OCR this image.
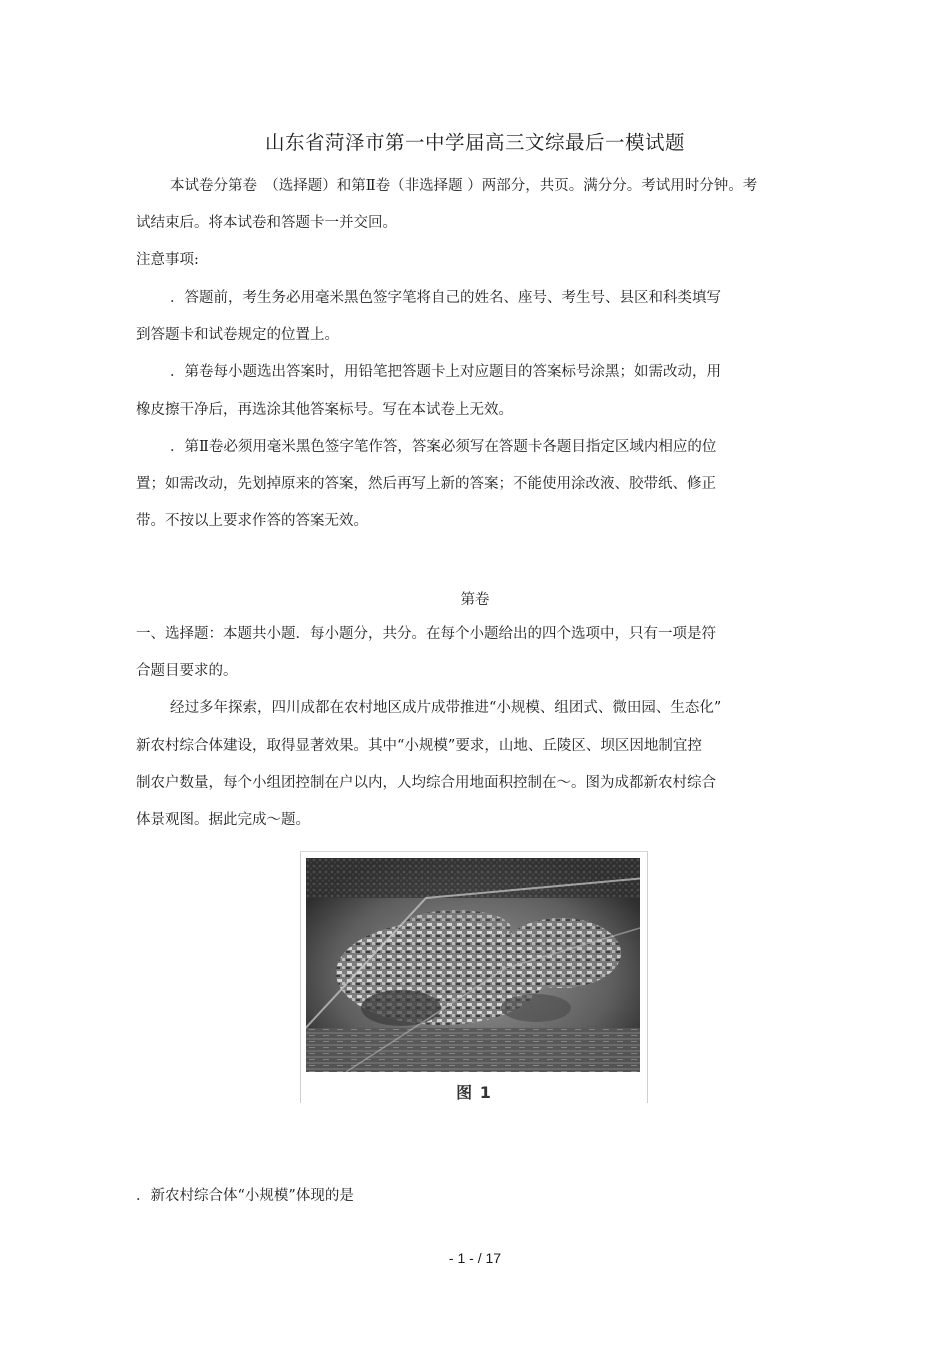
山东省菏泽市第一中学届高三文综最后一模试题
本试卷分第卷　（选择题）和第Ⅱ卷（非选择题 ）两部分，共页。满分分。考试用时分钟。考
试结束后。将本试卷和答题卡一并交回。
注意事项:
．答题前，考生务必用毫米黑色签字笔将自己的姓名、座号、考生号、县区和科类填写
到答题卡和试卷规定的位置上。
．第卷每小题选出答案时，用铅笔把答题卡上对应题目的答案标号涂黑；如需改动，用
橡皮擦干净后，再选涂其他答案标号。写在本试卷上无效。
．第Ⅱ卷必须用毫米黑色签字笔作答，答案必须写在答题卡各题目指定区域内相应的位
置；如需改动，先划掉原来的答案，然后再写上新的答案；不能使用涂改液、胶带纸、修正
带。不按以上要求作答的答案无效。
第卷
一、选择题：本题共小题．每小题分，共分。在每个小题给出的四个选项中，只有一项是符
合题目要求的。
经过多年探索，四川成都在农村地区成片成带推进“小规模、组团式、微田园、生态化”
新农村综合体建设，取得显著效果。其中“小规模”要求，山地、丘陵区、坝区因地制宜控
制农户数量，每个小组团控制在户以内，人均综合用地面积控制在～。图为成都新农村综合
体景观图。据此完成～题。
图 1
．新农村综合体“小规模”体现的是
- 1 - / 17
